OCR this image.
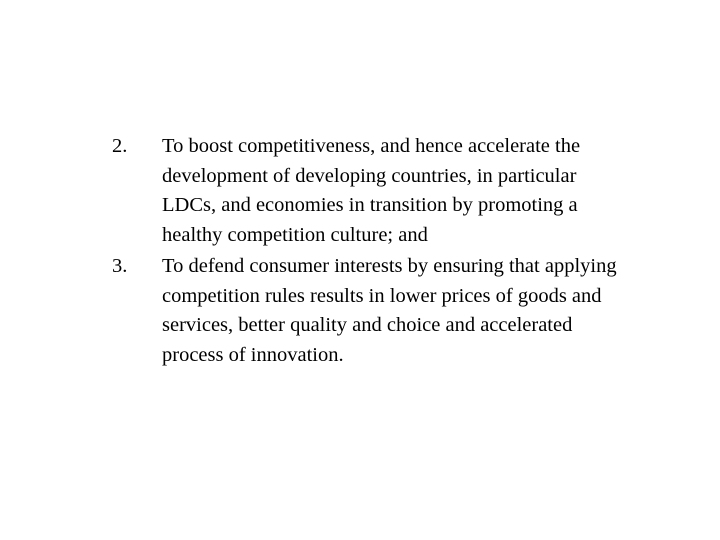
2.	To boost competitiveness, and hence accelerate the development of developing countries, in particular LDCs, and economies in transition by promoting a healthy competition culture; and
3.	To defend consumer interests by ensuring that applying competition rules results in lower prices of goods and services, better quality and choice and accelerated process of innovation.
